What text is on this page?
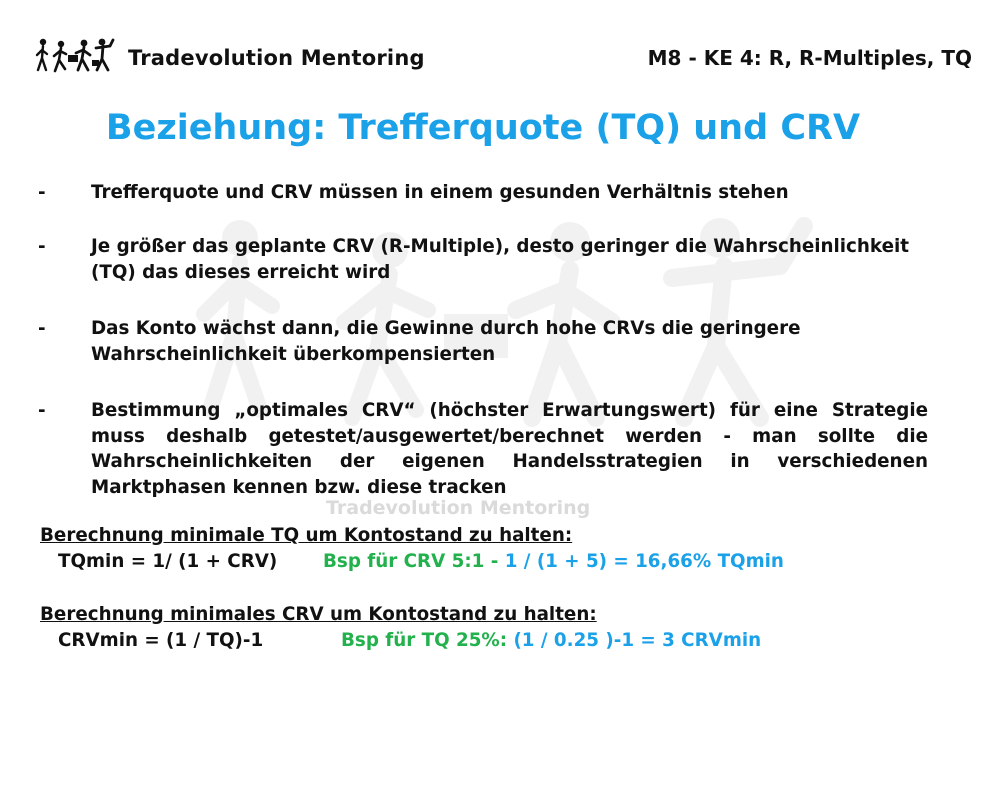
Tradevolution Mentoring	M8 - KE 4: R, R-Multiples, TQ
Beziehung: Trefferquote (TQ) und CRV
-	Trefferquote und CRV müssen in einem gesunden Verhältnis stehen
-	Je größer das geplante CRV (R-Multiple), desto geringer die Wahrscheinlichkeit (TQ) das dieses erreicht wird
-	Das Konto wächst dann, die Gewinne durch hohe CRVs die geringere Wahrscheinlichkeit überkompensierten
-	Bestimmung „optimales CRV“ (höchster Erwartungswert) für eine Strategie muss deshalb getestet/ausgewertet/berechnet werden - man sollte die Wahrscheinlichkeiten der eigenen Handelsstrategien in verschiedenen Marktphasen kennen bzw. diese tracken
Tradevolution Mentoring
Berechnung minimale TQ um Kontostand zu halten:
TQmin = 1/ (1 + CRV) Bsp für CRV 5:1 - 1 / (1 + 5) = 16,66% TQmin
Berechnung minimales CRV um Kontostand zu halten:
CRVmin = (1 / TQ)-1	Bsp für TQ 25%: (1 / 0.25 )-1 = 3 CRVmin
